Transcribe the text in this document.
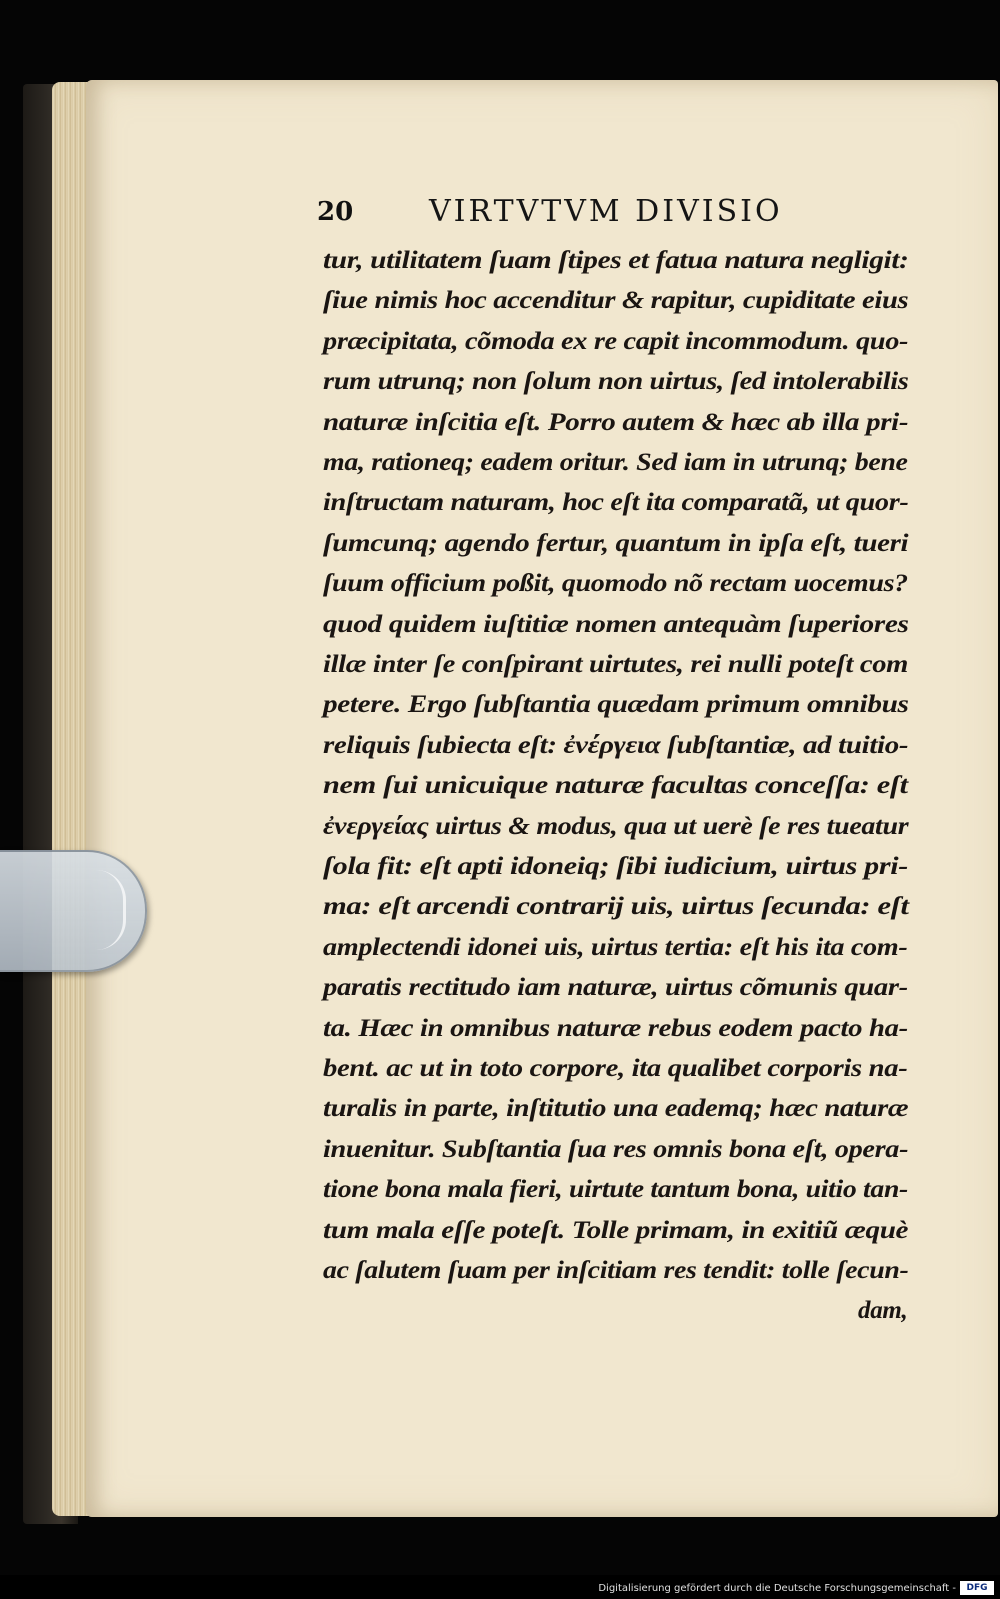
20	VIRTVTVM DIVISIO
tur, utilitatem ſuam ſtipes et fatua natura negligit:
ſiue nimis hoc accenditur & rapitur, cupiditate eius
præcipitata, cõmoda ex re capit incommodum. quo-
rum utrunq; non ſolum non uirtus, ſed intolerabilis
naturæ inſcitia eſt. Porro autem & hæc ab illa pri-
ma, rationeq; eadem oritur. Sed iam in utrunq; bene
inſtructam naturam, hoc eſt ita comparatã, ut quor-
ſumcunq; agendo fertur, quantum in ipſa eſt, tueri
ſuum officium poßit, quomodo nõ rectam uocemus?
quod quidem iuſtitiæ nomen antequàm ſuperiores
illæ inter ſe conſpirant uirtutes, rei nulli poteſt com
petere. Ergo ſubſtantia quædam primum omnibus
reliquis ſubiecta eſt: ἐνέργεια ſubſtantiæ, ad tuitio-
nem ſui unicuique naturæ facultas conceſſa: eſt
ἐνεργείας uirtus & modus, qua ut uerè ſe res tueatur
ſola fit: eſt apti idoneiq; ſibi iudicium, uirtus pri-
ma: eſt arcendi contrarij uis, uirtus ſecunda: eſt
amplectendi idonei uis, uirtus tertia: eſt his ita com-
paratis rectitudo iam naturæ, uirtus cõmunis quar-
ta. Hæc in omnibus naturæ rebus eodem pacto ha-
bent. ac ut in toto corpore, ita qualibet corporis na-
turalis in parte, inſtitutio una eademq; hæc naturæ
inuenitur. Subſtantia ſua res omnis bona eſt, opera-
tione bona mala fieri, uirtute tantum bona, uitio tan-
tum mala eſſe poteſt. Tolle primam, in exitiũ æquè
ac ſalutem ſuam per inſcitiam res tendit: tolle ſecun-
dam,
Digitalisierung gefördert durch die Deutsche Forschungsgemeinschaft -	DFG
